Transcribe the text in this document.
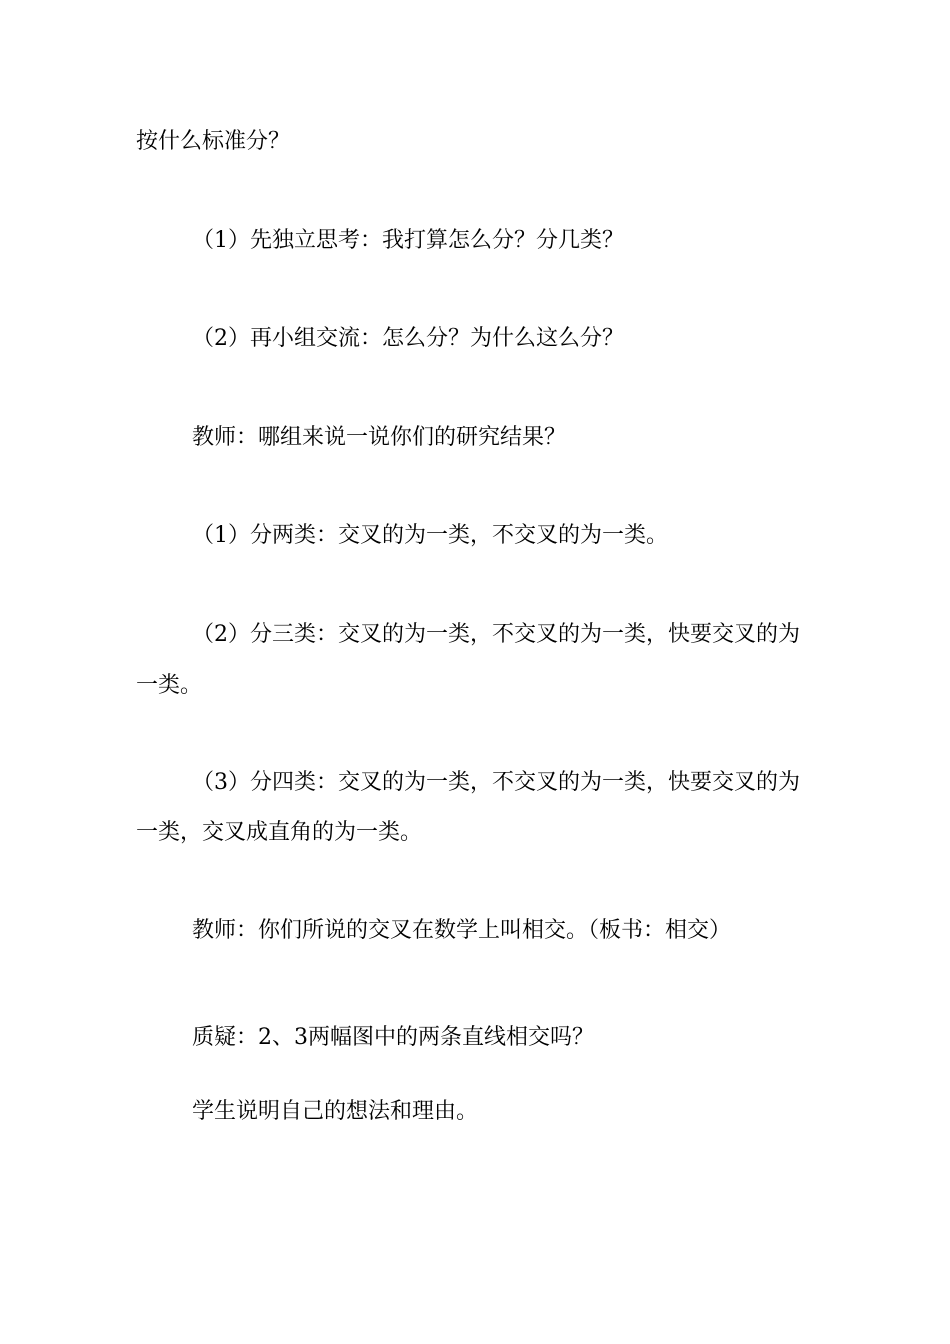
按什么标准分？
（1）先独立思考：我打算怎么分？分几类？
（2）再小组交流：怎么分？为什么这么分？
教师：哪组来说一说你们的研究结果？
（1）分两类：交叉的为一类，不交叉的为一类。
（2）分三类：交叉的为一类，不交叉的为一类，快要交叉的为
一类。
（3）分四类：交叉的为一类，不交叉的为一类，快要交叉的为
一类，交叉成直角的为一类。
教师：你们所说的交叉在数学上叫相交。（板书：相交）
质疑：2、3两幅图中的两条直线相交吗？
学生说明自己的想法和理由。
